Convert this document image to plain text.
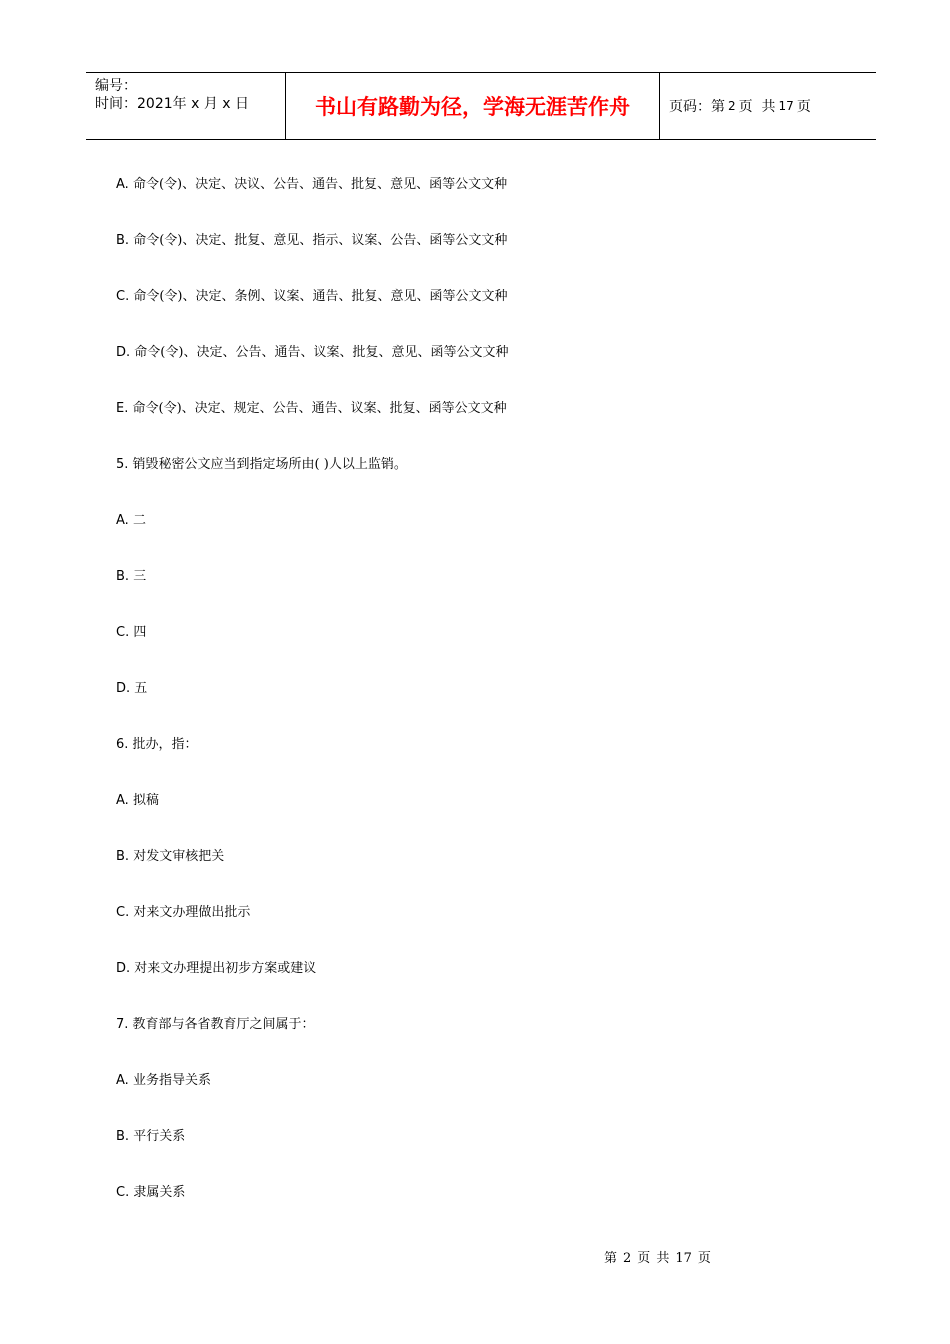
编号：
时间：2021年 x 月 x 日	书山有路勤为径，学海无涯苦作舟	页码：第 2 页  共 17 页
A. 命令(令)、决定、决议、公告、通告、批复、意见、函等公文文种
B. 命令(令)、决定、批复、意见、指示、议案、公告、函等公文文种
C. 命令(令)、决定、条例、议案、通告、批复、意见、函等公文文种
D. 命令(令)、决定、公告、通告、议案、批复、意见、函等公文文种
E. 命令(令)、决定、规定、公告、通告、议案、批复、函等公文文种
5. 销毁秘密公文应当到指定场所由( )人以上监销。
A. 二
B. 三
C. 四
D. 五
6. 批办，指：
A. 拟稿
B. 对发文审核把关
C. 对来文办理做出批示
D. 对来文办理提出初步方案或建议
7. 教育部与各省教育厅之间属于：
A. 业务指导关系
B. 平行关系
C. 隶属关系
第 2 页 共 17 页
